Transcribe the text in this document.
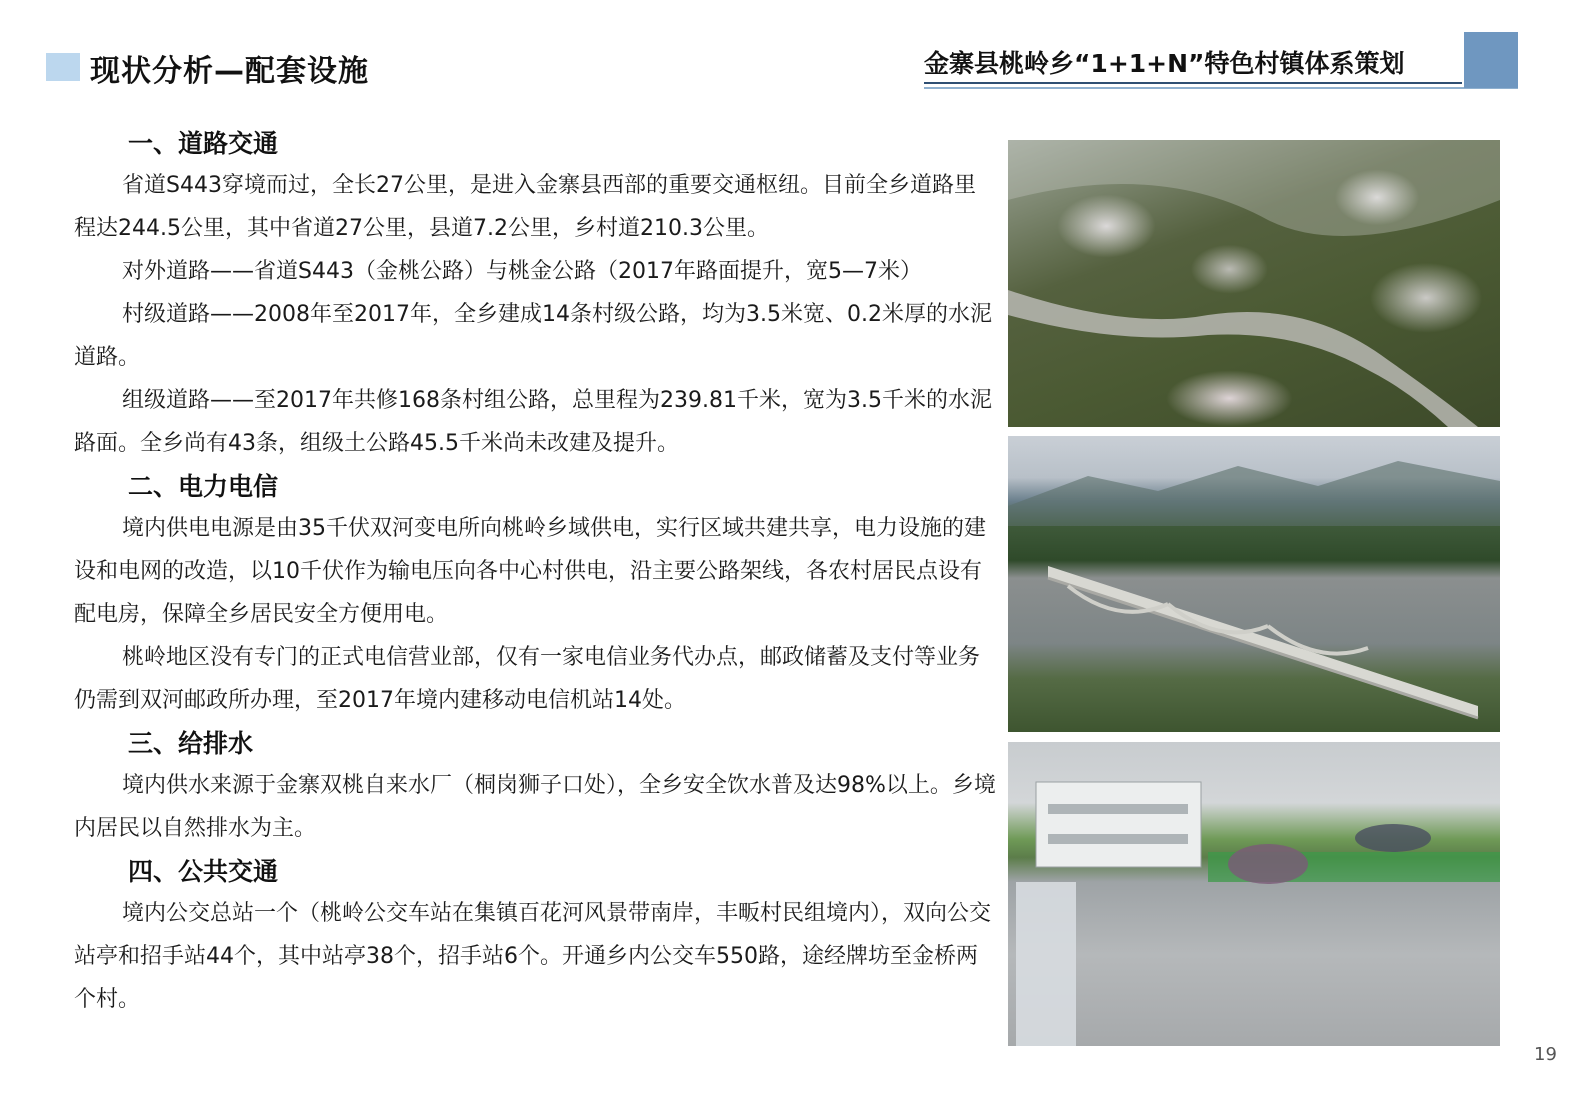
现状分析—配套设施	金寨县桃岭乡“1+1+N”特色村镇体系策划
一、道路交通

省道S443穿境而过，全长27公里，是进入金寨县西部的重要交通枢纽。目前全乡道路里程达244.5公里，其中省道27公里，县道7.2公里，乡村道210.3公里。

对外道路——省道S443（金桃公路）与桃金公路（2017年路面提升，宽5—7米）

村级道路——2008年至2017年，全乡建成14条村级公路，均为3.5米宽、0.2米厚的水泥道路。

组级道路——至2017年共修168条村组公路，总里程为239.81千米，宽为3.5千米的水泥路面。全乡尚有43条，组级土公路45.5千米尚未改建及提升。

二、电力电信

境内供电电源是由35千伏双河变电所向桃岭乡域供电，实行区域共建共享，电力设施的建设和电网的改造，以10千伏作为输电压向各中心村供电，沿主要公路架线，各农村居民点设有配电房，保障全乡居民安全方便用电。

桃岭地区没有专门的正式电信营业部，仅有一家电信业务代办点，邮政储蓄及支付等业务仍需到双河邮政所办理，至2017年境内建移动电信机站14处。

三、给排水

境内供水来源于金寨双桃自来水厂（桐岗狮子口处），全乡安全饮水普及达98%以上。乡境内居民以自然排水为主。

四、公共交通

境内公交总站一个（桃岭公交车站在集镇百花河风景带南岸，丰畈村民组境内），双向公交站亭和招手站44个，其中站亭38个，招手站6个。开通乡内公交车550路，途经牌坊至金桥两个村。

19
